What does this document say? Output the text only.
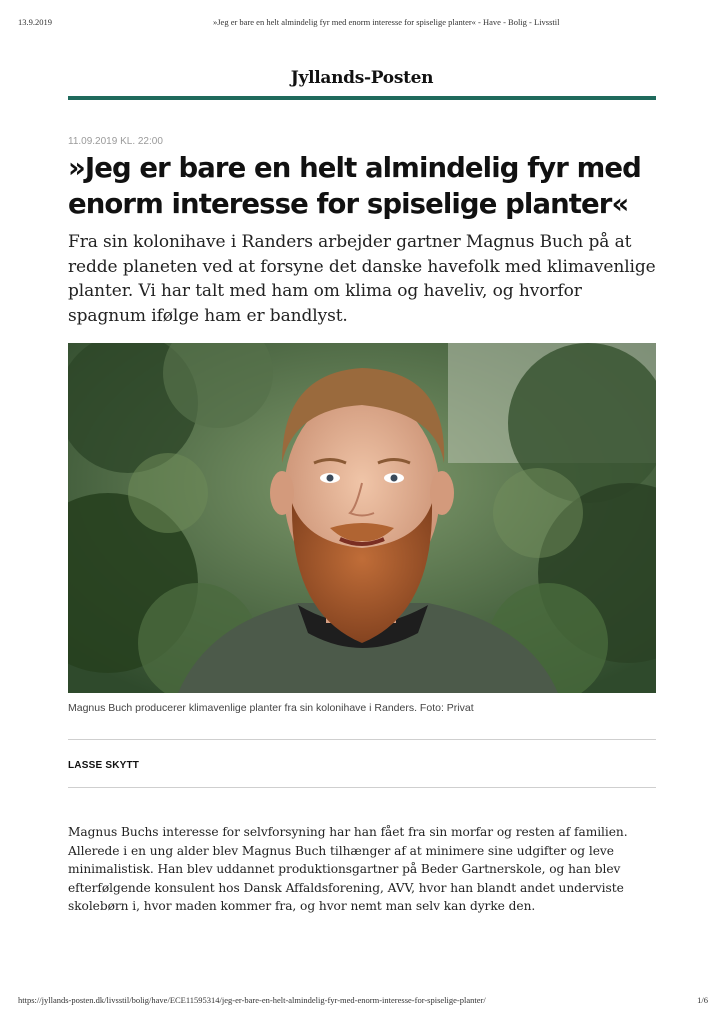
13.9.2019	»Jeg er bare en helt almindelig fyr med enorm interesse for spiselige planter« - Have - Bolig - Livsstil
Jyllands-Posten
11.09.2019 KL. 22:00
»Jeg er bare en helt almindelig fyr med enorm interesse for spiselige planter«

Fra sin kolonihave i Randers arbejder gartner Magnus Buch på at redde planeten ved at forsyne det danske havefolk med klimavenlige planter. Vi har talt med ham om klima og haveliv, og hvorfor spagnum ifølge ham er bandlyst.

Magnus Buch producerer klimavenlige planter fra sin kolonihave i Randers. Foto: Privat
LASSE SKYTT

Magnus Buchs interesse for selvforsyning har han fået fra sin morfar og resten af familien. Allerede i en ung alder blev Magnus Buch tilhænger af at minimere sine udgifter og leve minimalistisk. Han blev uddannet produktionsgartner på Beder Gartnerskole, og han blev efterfølgende konsulent hos Dansk Affaldsforening, AVV, hvor han blandt andet underviste skolebørn i, hvor maden kommer fra, og hvor nemt man selv kan dyrke den.

https://jyllands-posten.dk/livsstil/bolig/have/ECE11595314/jeg-er-bare-en-helt-almindelig-fyr-med-enorm-interesse-for-spiselige-planter/	1/6
